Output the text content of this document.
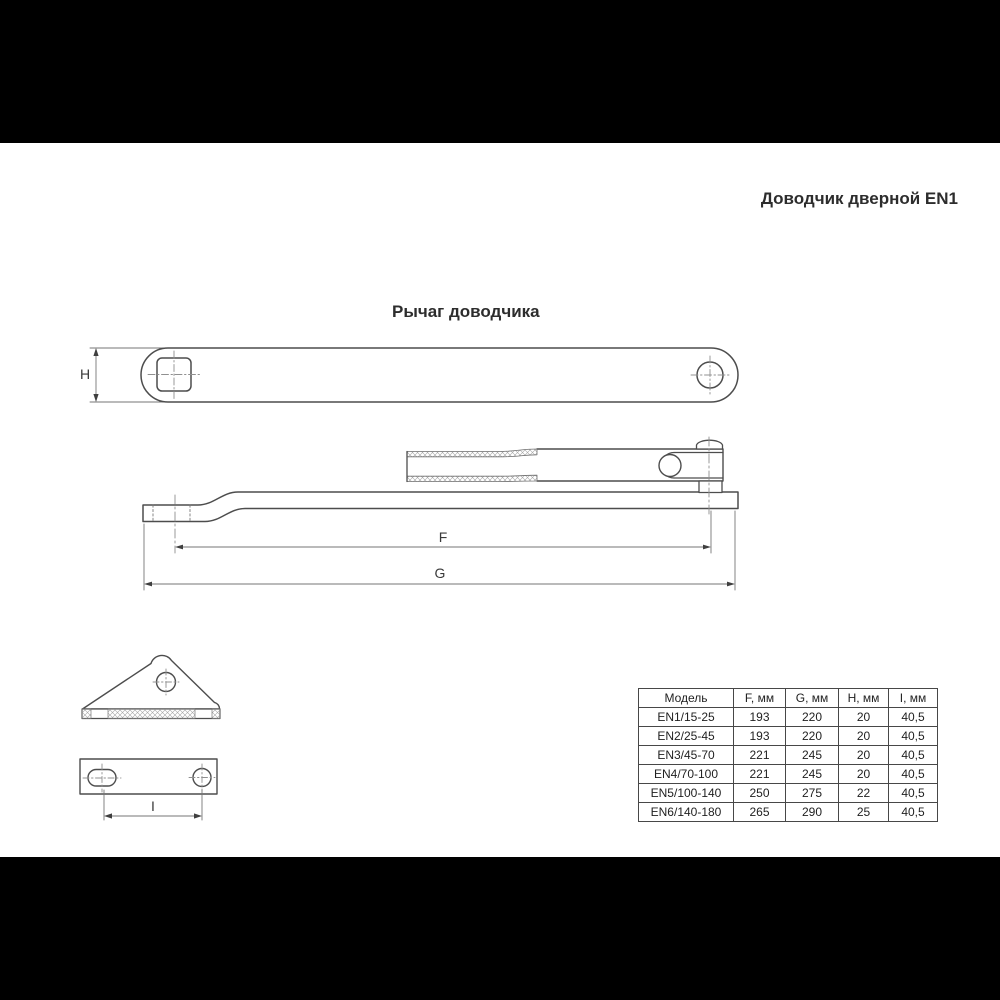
Доводчик дверной EN1
Рычаг доводчика
H
F
G
I
Модель	F, мм	G, мм	H, мм	I, мм
EN1/15-25	193	220	20	40,5
EN2/25-45	193	220	20	40,5
EN3/45-70	221	245	20	40,5
EN4/70-100	221	245	20	40,5
EN5/100-140	250	275	22	40,5
EN6/140-180	265	290	25	40,5
